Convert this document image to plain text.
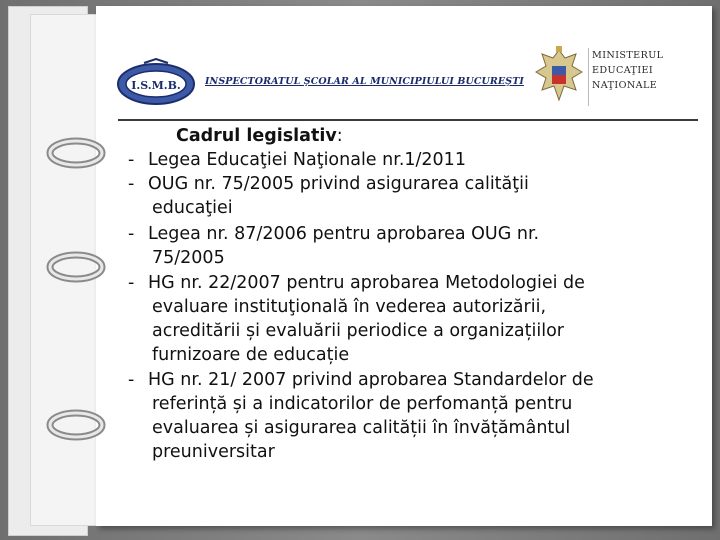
I.S.M.B.	INSPECTORATUL ŞCOLAR AL MUNICIPIULUI BUCUREŞTI
MINISTERUL
EDUCAŢIEI
NAŢIONALE
Cadrul legislativ:
- Legea Educaţiei Naţionale nr.1/2011
- OUG nr. 75/2005 privind asigurarea calităţii
educaţiei
- Legea nr. 87/2006 pentru aprobarea OUG nr.
75/2005
- HG nr. 22/2007 pentru aprobarea Metodologiei de
evaluare instituţională în vederea autorizării,
acreditării și evaluării periodice a organizațiilor
furnizoare de educație
- HG nr. 21/ 2007 privind aprobarea Standardelor de
referință și a indicatorilor de perfomanță pentru
evaluarea și asigurarea calității în învățământul
preuniversitar
